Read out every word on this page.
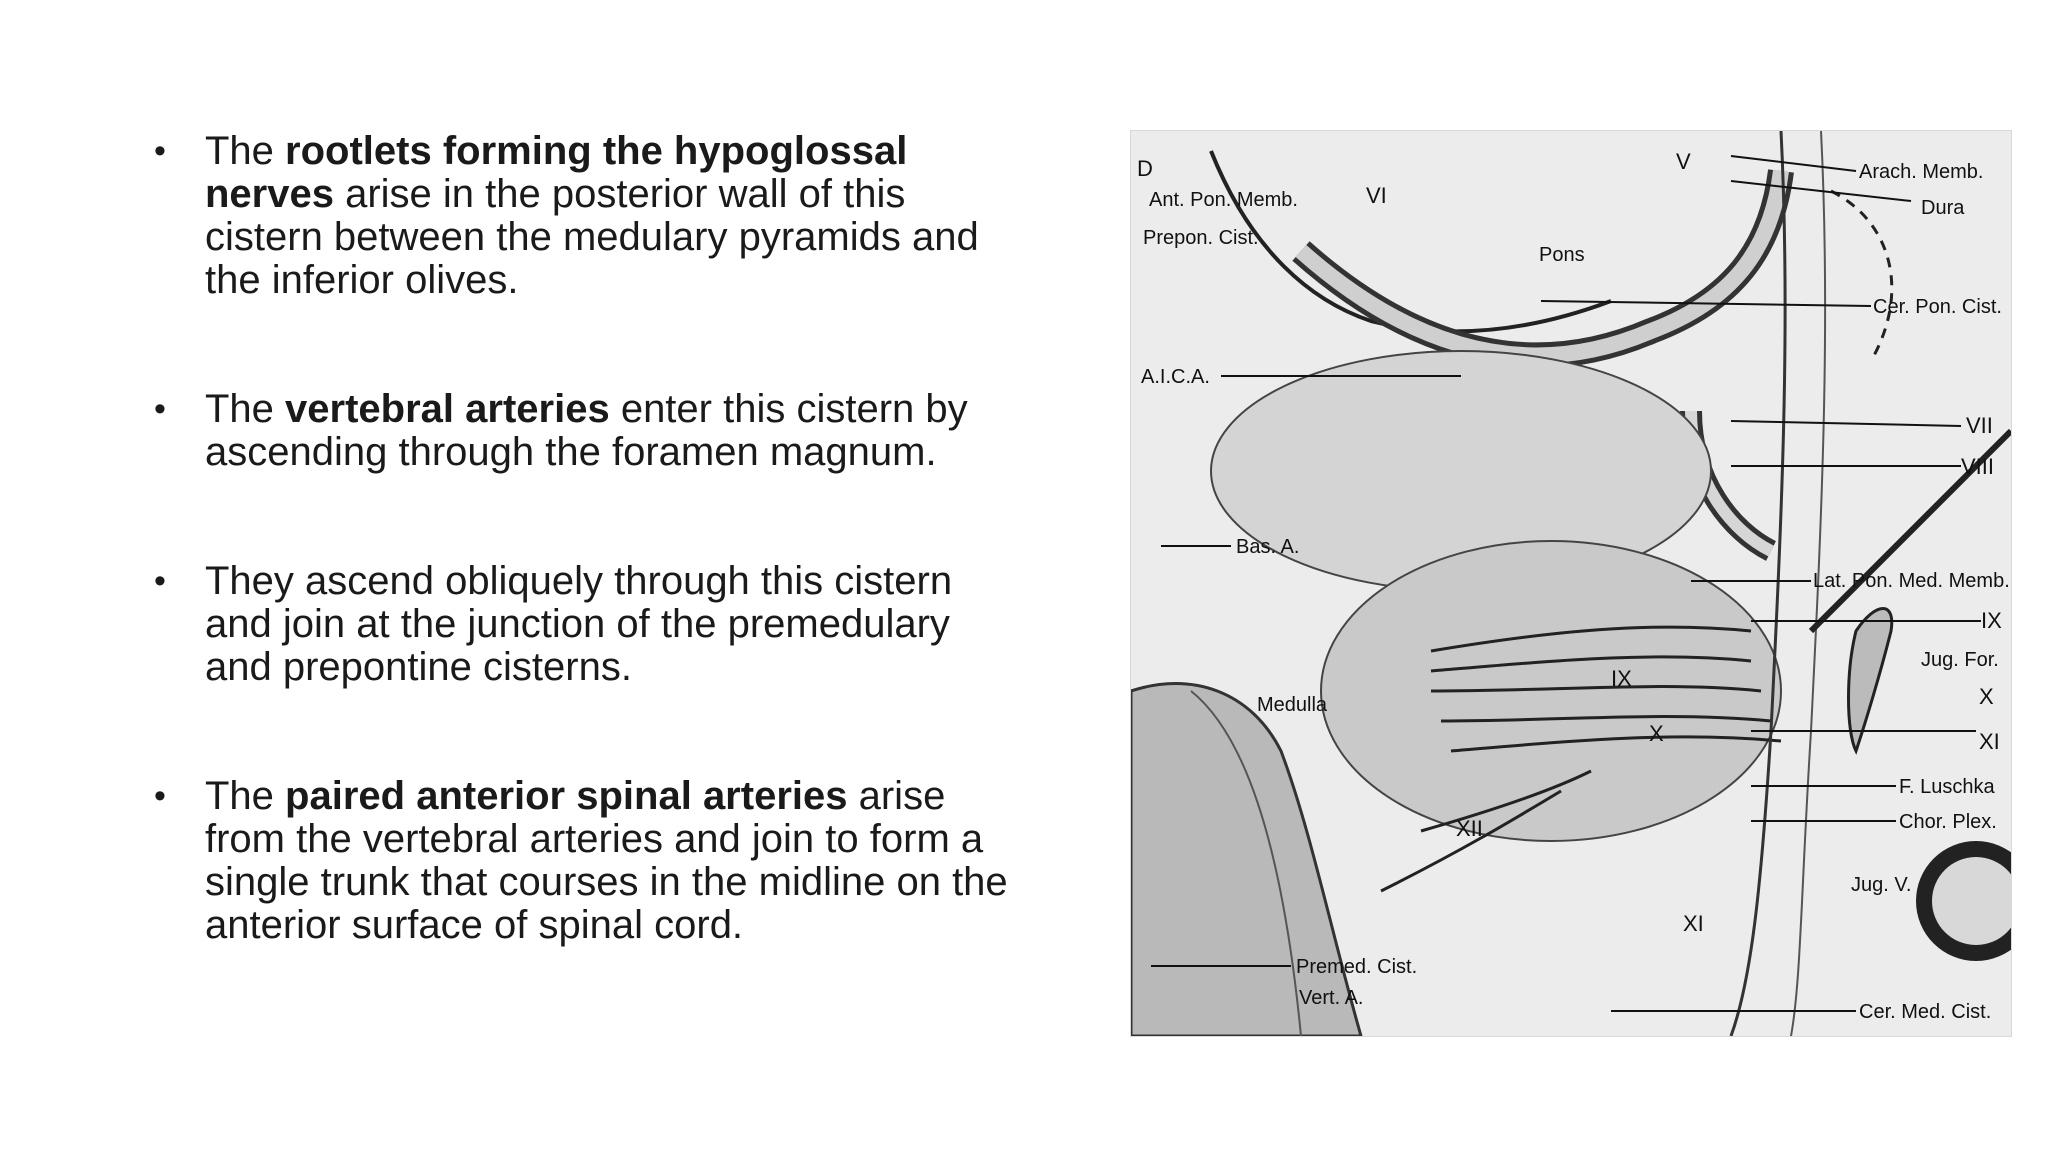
• The rootlets forming the hypoglossal nerves arise in the posterior wall of this cistern between the medulary pyramids and the inferior olives.
• The vertebral arteries enter this cistern by ascending through the foramen magnum.
• They ascend obliquely through this cistern and join at the junction of the premedulary and prepontine cisterns.
• The paired anterior spinal arteries arise from the vertebral arteries and join to form a single trunk that courses in the midline on the anterior surface of spinal cord.
D
Ant. Pon. Memb.
Prepon. Cist.
VI
V	Arach. Memb.
Dura
Pons
Cer. Pon. Cist.
A.I.C.A.
VII
VIII
Bas. A.
Lat. Pon. Med. Memb.
IX
Jug. For.
IX
X
Medulla
X	XI
F. Luschka
Chor. Plex.
XII
Jug. V.
XI
Premed. Cist.
Vert. A.
Cer. Med. Cist.
